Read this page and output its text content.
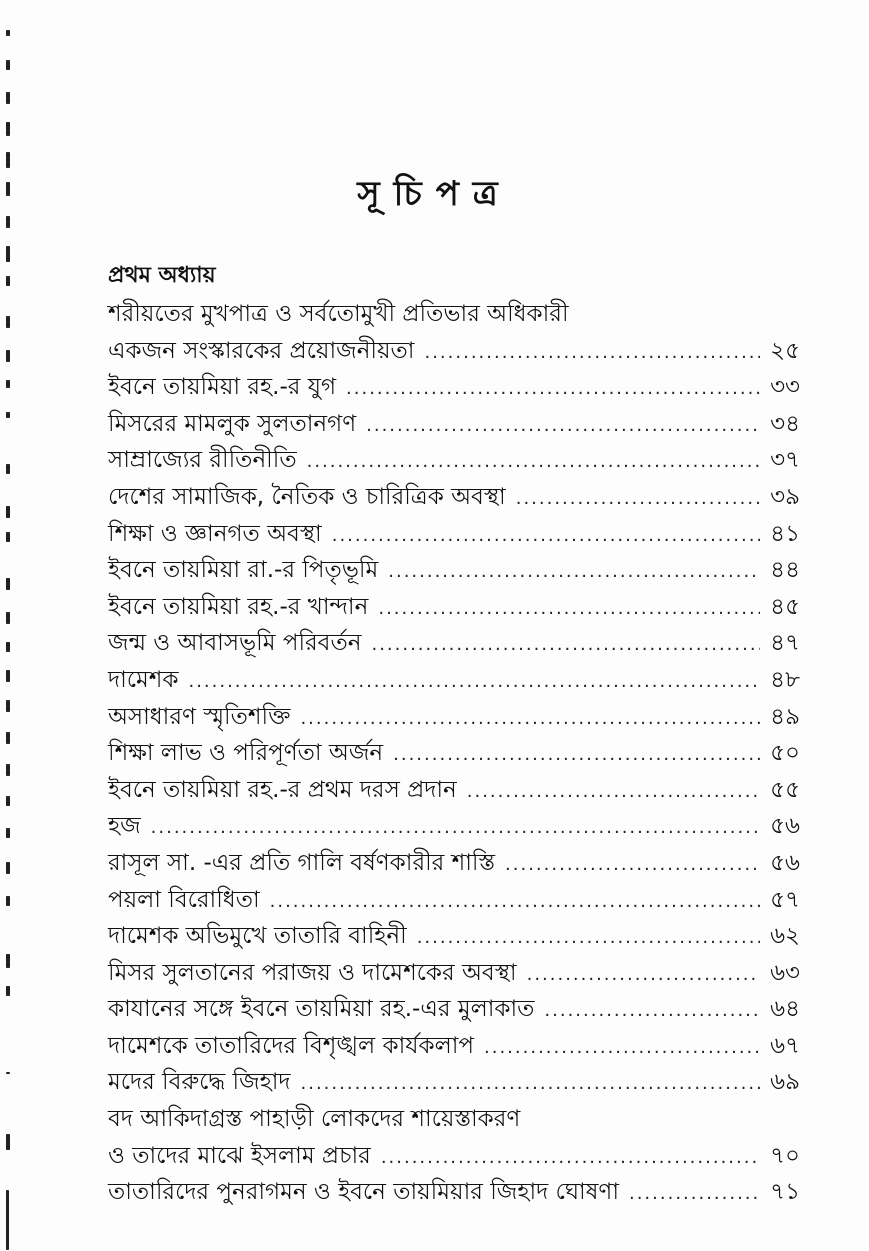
সূচিপত্র
প্রথম অধ্যায়
শরীয়তের মুখপাত্র ও সর্বতোমুখী প্রতিভার অধিকারী
একজন সংস্কারকের প্রয়োজনীয়তা .....	২৫
ইবনে তায়মিয়া রহ.-র যুগ .....	৩৩
মিসরের মামলুক সুলতানগণ .....	৩৪
সাম্রাজ্যের রীতিনীতি .....	৩৭
দেশের সামাজিক, নৈতিক ও চারিত্রিক অবস্থা .....	৩৯
শিক্ষা ও জ্ঞানগত অবস্থা .....	৪১
ইবনে তায়মিয়া রা.-র পিতৃভূমি .....	৪৪
ইবনে তায়মিয়া রহ.-র খান্দান .....	৪৫
জন্ম ও আবাসভূমি পরিবর্তন .....	৪৭
দামেশক .....	৪৮
অসাধারণ স্মৃতিশক্তি .....	৪৯
শিক্ষা লাভ ও পরিপূর্ণতা অর্জন .....	৫০
ইবনে তায়মিয়া রহ.-র প্রথম দরস প্রদান .....	৫৫
হজ .....	৫৬
রাসূল সা. -এর প্রতি গালি বর্ষণকারীর শাস্তি .....	৫৬
পয়লা বিরোধিতা .....	৫৭
দামেশক অভিমুখে তাতারি বাহিনী .....	৬২
মিসর সুলতানের পরাজয় ও দামেশকের অবস্থা .....	৬৩
কাযানের সঙ্গে ইবনে তায়মিয়া রহ.-এর মুলাকাত .....	৬৪
দামেশকে তাতারিদের বিশৃঙ্খল কার্যকলাপ .....	৬৭
মদের বিরুদ্ধে জিহাদ .....	৬৯
বদ আকিদাগ্রস্ত পাহাড়ী লোকদের শায়েস্তাকরণ
ও তাদের মাঝে ইসলাম প্রচার .....	৭০
তাতারিদের পুনরাগমন ও ইবনে তায়মিয়ার জিহাদ ঘোষণা .....	৭১
